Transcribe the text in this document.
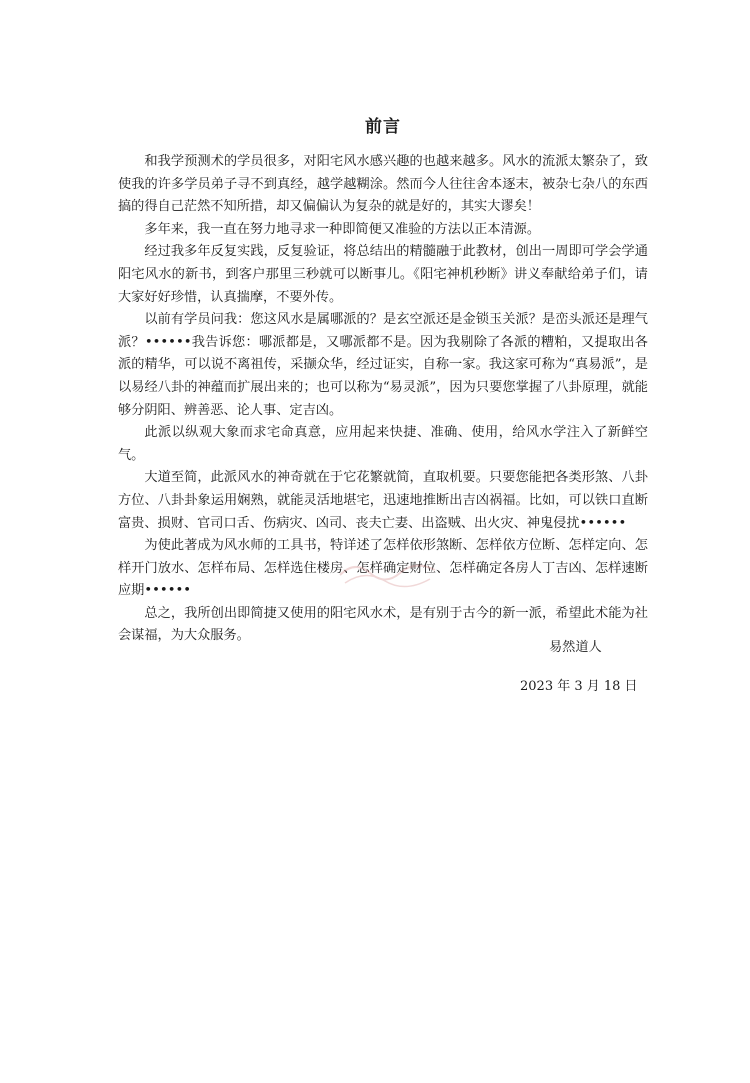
前言

和我学预测术的学员很多，对阳宅风水感兴趣的也越来越多。风水的流派太繁杂了，致使我的许多学员弟子寻不到真经，越学越糊涂。然而今人往往舍本逐末，被杂七杂八的东西搞的得自己茫然不知所措，却又偏偏认为复杂的就是好的，其实大谬矣！

多年来，我一直在努力地寻求一种即简便又准验的方法以正本清源。

经过我多年反复实践，反复验证，将总结出的精髓融于此教材，创出一周即可学会学通阳宅风水的新书，到客户那里三秒就可以断事儿。《阳宅神机秒断》讲义奉献给弟子们，请大家好好珍惜，认真揣摩，不要外传。

以前有学员问我：您这风水是属哪派的？是玄空派还是金锁玉关派？是峦头派还是理气派？••••••我告诉您：哪派都是，又哪派都不是。因为我剔除了各派的糟粕，又提取出各派的精华，可以说不离祖传，采撷众华，经过证实，自称一家。我这家可称为“真易派”，是以易经八卦的神蕴而扩展出来的；也可以称为“易灵派”，因为只要您掌握了八卦原理，就能够分阴阳、辨善恶、论人事、定吉凶。

此派以纵观大象而求宅命真意，应用起来快捷、准确、使用，给风水学注入了新鲜空气。

大道至简，此派风水的神奇就在于它花繁就简，直取机要。只要您能把各类形煞、八卦方位、八卦卦象运用娴熟，就能灵活地堪宅，迅速地推断出吉凶祸福。比如，可以铁口直断富贵、损财、官司口舌、伤病灾、凶司、丧夫亡妻、出盗贼、出火灾、神鬼侵扰••••••

为使此著成为风水师的工具书，特详述了怎样依形煞断、怎样依方位断、怎样定向、怎样开门放水、怎样布局、怎样选住楼房、怎样确定财位、怎样确定各房人丁吉凶、怎样速断应期••••••

总之，我所创出即简捷又使用的阳宅风水术，是有别于古今的新一派，希望此术能为社会谋福，为大众服务。

易然道人
2023 年 3 月 18 日
